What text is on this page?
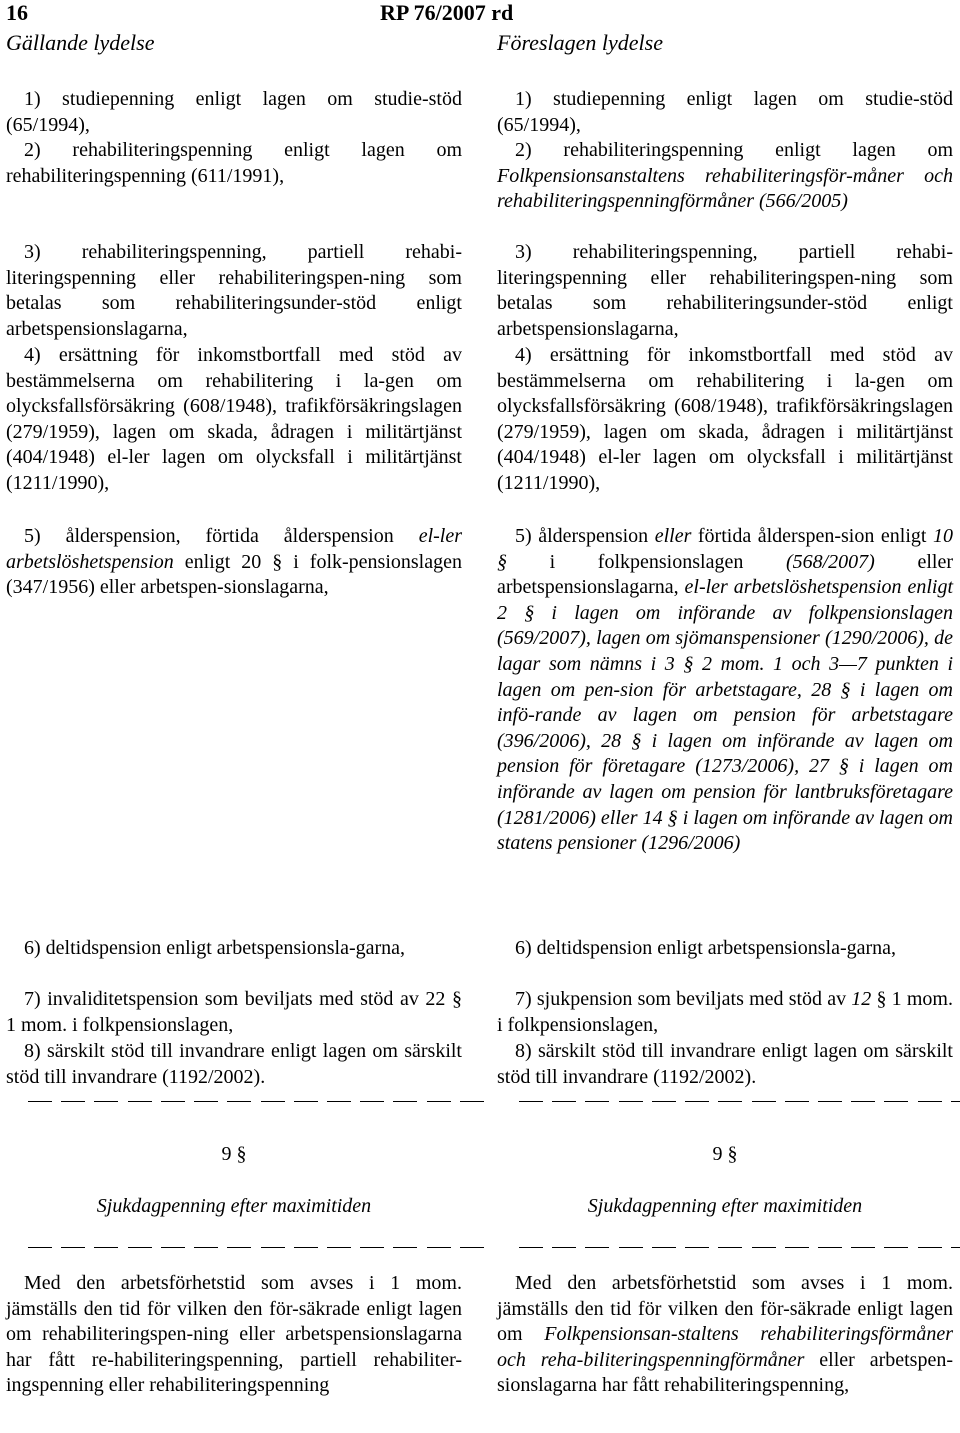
16	RP 76/2007 rd
Gällande lydelse	Föreslagen lydelse
1) studiepenning enligt lagen om studie-stöd (65/1994),
2) rehabiliteringspenning enligt lagen om rehabiliteringspenning (611/1991),
3) rehabiliteringspenning, partiell rehabi-literingspenning eller rehabiliteringspen-ning som betalas som rehabiliteringsunder-stöd enligt arbetspensionslagarna,
4) ersättning för inkomstbortfall med stöd av bestämmelserna om rehabilitering i la-gen om olycksfallsförsäkring (608/1948), trafikförsäkringslagen (279/1959), lagen om skada, ådragen i militärtjänst (404/1948) el-ler lagen om olycksfall i militärtjänst (1211/1990),
5) ålderspension, förtida ålderspension el-ler arbetslöshetspension enligt 20 § i folk-pensionslagen (347/1956) eller arbetspen-sionslagarna,
6) deltidspension enligt arbetspensionsla-garna,
7) invaliditetspension som beviljats med stöd av 22 § 1 mom. i folkpensionslagen,
8) särskilt stöd till invandrare enligt lagen om särskilt stöd till invandrare (1192/2002).
9 §
Sjukdagpenning efter maximitiden
Med den arbetsförhetstid som avses i 1 mom. jämställs den tid för vilken den för-säkrade enligt lagen om rehabiliteringspen-ning eller arbetspensionslagarna har fått re-habiliteringspenning, partiell rehabiliter-ingspenning eller rehabiliteringspenning
1) studiepenning enligt lagen om studie-stöd (65/1994),
2) rehabiliteringspenning enligt lagen om Folkpensionsanstaltens rehabiliteringsför-måner och rehabiliteringspenningförmåner (566/2005)
3) rehabiliteringspenning, partiell rehabi-literingspenning eller rehabiliteringspen-ning som betalas som rehabiliteringsunder-stöd enligt arbetspensionslagarna,
4) ersättning för inkomstbortfall med stöd av bestämmelserna om rehabilitering i la-gen om olycksfallsförsäkring (608/1948), trafikförsäkringslagen (279/1959), lagen om skada, ådragen i militärtjänst (404/1948) el-ler lagen om olycksfall i militärtjänst (1211/1990),
5) ålderspension eller förtida ålderspen-sion enligt 10 § i folkpensionslagen (568/2007) eller arbetspensionslagarna, el-ler arbetslöshetspension enligt 2 § i lagen om införande av folkpensionslagen (569/2007), lagen om sjömanspensioner (1290/2006), de lagar som nämns i 3 § 2 mom. 1 och 3—7 punkten i lagen om pen-sion för arbetstagare, 28 § i lagen om infö-rande av lagen om pension för arbetstagare (396/2006), 28 § i lagen om införande av lagen om pension för företagare (1273/2006), 27 § i lagen om införande av lagen om pension för lantbruksföretagare (1281/2006) eller 14 § i lagen om införande av lagen om statens pensioner (1296/2006)
6) deltidspension enligt arbetspensionsla-garna,
7) sjukpension som beviljats med stöd av 12 § 1 mom. i folkpensionslagen,
8) särskilt stöd till invandrare enligt lagen om särskilt stöd till invandrare (1192/2002).
9 §
Sjukdagpenning efter maximitiden
Med den arbetsförhetstid som avses i 1 mom. jämställs den tid för vilken den för-säkrade enligt lagen om Folkpensionsan-staltens rehabiliteringsförmåner och reha-biliteringspenningförmåner eller arbetspen-sionslagarna har fått rehabiliteringspenning,
